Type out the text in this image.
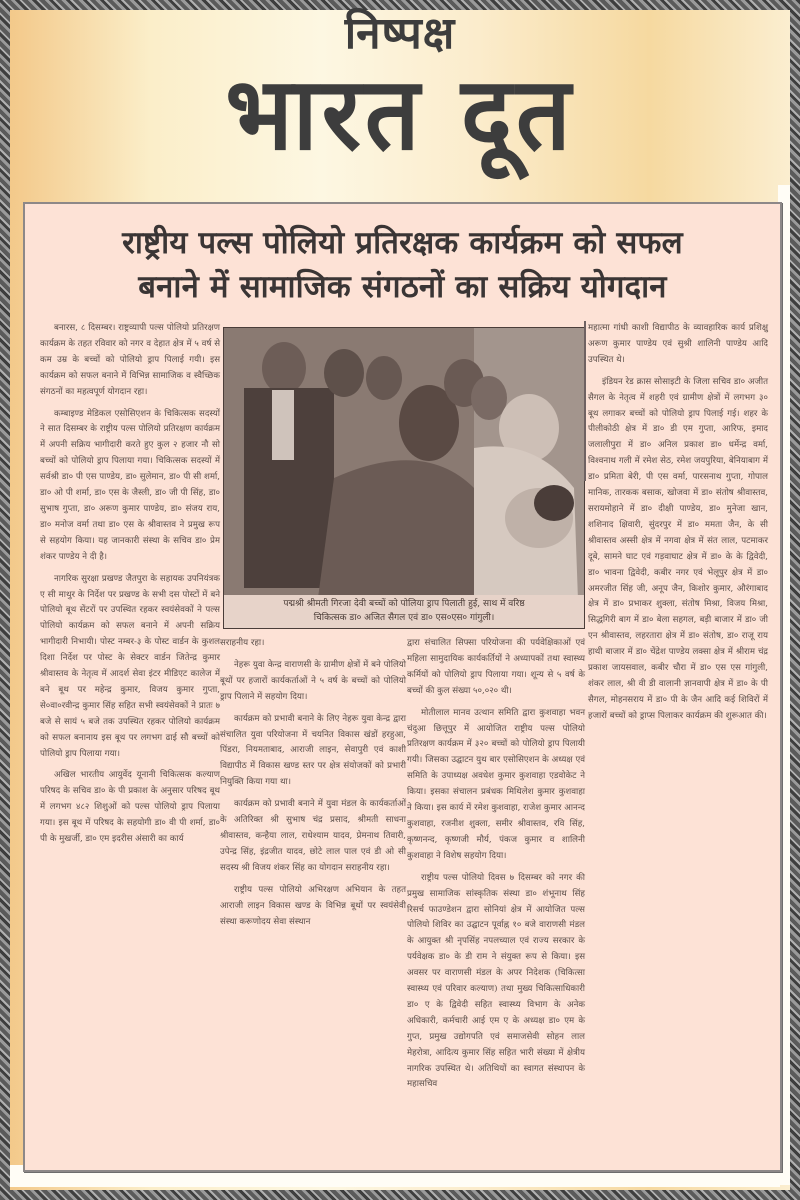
निष्पक्ष
भारत दूत
राष्ट्रीय पल्स पोलियो प्रतिरक्षक कार्यक्रम को सफल
बनाने में सामाजिक संगठनों का सक्रिय योगदान

बनारस, ८ दिसम्बर। राष्ट्रव्यापी पल्स पोलियो प्रतिरक्षण कार्यक्रम के तहत रविवार को नगर व देहात क्षेत्र में ५ वर्ष से कम उम्र के बच्चों को पोलियो ड्राप पिलाई गयी। इस कार्यक्रम को सफल बनाने में विभिन्न सामाजिक व स्वैच्छिक संगठनों का महत्वपूर्ण योगदान रहा।

कम्बाइण्ड मेडिकल एसोसिएशन के चिकित्सक सदस्यों ने सात दिसम्बर के राष्ट्रीय पल्स पोलियो प्रतिरक्षण कार्यक्रम में अपनी सक्रिय भागीदारी करते हुए कुल २ हजार नौ सो बच्चों को पोलियो ड्राप पिलाया गया। चिकित्सक सदस्यों में सर्वश्री डा० पी एस पाण्डेय, डा० सुलेमान, डा० पी सी शर्मा, डा० ओ पी शर्मा, डा० एस के जैस्ली, डा० जी पी सिंह, डा० सुभाष गुप्ता, डा० अरूण कुमार पाण्डेय, डा० संजय राय, डा० मनोज वर्मा तथा डा० एस के श्रीवास्तव ने प्रमुख रूप से सहयोग किया। यह जानकारी संस्था के सचिव डा० प्रेम शंकर पाण्डेय ने दी है।

नागरिक सुरक्षा प्रखण्ड जैतपुरा के सहायक उपनियंत्रक ए सी माथुर के निर्देश पर प्रखण्ड के सभी दस पोस्टों में बने पोलियो बूथ सेंटरों पर उपस्थित रहकर स्वयंसेवकों ने पल्स पोलियो कार्यक्रम को सफल बनाने में अपनी सक्रिय भागीदारी निभायी। पोस्ट नम्बर-३ के पोस्ट वार्डन के कुशल दिशा निर्देश पर पोस्ट के सेक्टर वार्डन जितेन्द्र कुमार श्रीवास्तव के नेतृत्व में आदर्श सेवा इंटर मीडिएट कालेज में बने बूथ पर महेन्द्र कुमार, विजय कुमार गुप्ता, से०वा०रवीन्द्र कुमार सिंह सहित सभी स्वयंसेवकों ने प्रातः ७ बजे से सायं ५ बजे तक उपस्थित रहकर पोलियो कार्यक्रम को सफल बनानाय इस बूथ पर लगभग ढाई सौ बच्चों को पोलियो ड्राप पिलाया गया।

अखिल भारतीय आयुर्वेद यूनानी चिकित्सक कल्याण परिषद के सचिव डा० के पी प्रकाश के अनुसार परिषद बूथ में लगभग ४८२ शिशुओं को पल्स पोलियो ड्राप पिलाया गया। इस बूथ में परिषद के सहयोगी डा० वी पी शर्मा, डा० पी के मुखर्जी, डा० एम इदरीस अंसारी का कार्य

पद्मश्री श्रीमती गिरजा देवी बच्चों को पोलिया ड्राप पिलाती हुई, साथ में वरिष्ठ
चिकित्सक डा० अजित सैगल एवं डा० एस०एस० गांगुली।

सराहनीय रहा।

नेहरू युवा केन्द्र वाराणसी के ग्रामीण क्षेत्रों में बने पोलियो बूथों पर हजारों कार्यकर्ताओं ने ५ वर्ष के बच्चों को पोलियो ड्राप पिलाने में सहयोग दिया।

कार्यक्रम को प्रभावी बनाने के लिए नेहरू युवा केन्द्र द्वारा संचालित युवा परियोजना में चयनित विकास खंडों हरहुआ, पिंडरा, नियमताबाद, आराजी लाइन, सेवापुरी एवं काशी विद्यापीठ में विकास खण्ड स्तर पर क्षेत्र संयोजकों को प्रभारी नियुक्ति किया गया था।

कार्यक्रम को प्रभावी बनाने में युवा मंडल के कार्यकर्ताओं के अतिरिक्त श्री सुभाष चंद्र प्रसाद, श्रीमती साधना श्रीवास्तव, कन्हैया लाल, राधेश्याम यादव, प्रेमनाथ तिवारी, उपेन्द्र सिंह, इंद्रजीत यादव, छोटे लाल पाल एवं डी ओ सी सदस्य श्री विजय शंकर सिंह का योगदान सराहनीय रहा।

राष्ट्रीय पल्स पोलियो अभिरक्षण अभियान के तहत आराजी लाइन विकास खण्ड के विभिन्न बूथों पर स्वयंसेवी संस्था करूणोदय सेवा संस्थान

द्वारा संचालित सिफ्सा परियोजना की पर्यवेक्षिकाओं एवं महिला सामुदायिक कार्यकर्तियों ने अध्यापकों तथा स्वास्थ्य कर्मियों को पोलियो ड्राप पिलाया गया। शून्य से ५ वर्ष के बच्चों की कुल संख्या ५०,०२० थी।

मोतीलाल मानव उत्थान समिति द्वारा कुशवाहा भवन चंदुआ छित्तूपुर में आयोजित राष्ट्रीय पल्स पोलियो प्रतिरक्षण कार्यक्रम में ३२० बच्चों को पोलियो ड्राप पिलायी गयी। जिसका उद्घाटन युथ बार एसोसिएशन के अध्यक्ष एवं समिति के उपाध्यक्ष अवधेश कुमार कुशवाहा एडवोकेट ने किया। इसका संचालन प्रबंधक मिथिलेश कुमार कुशवाहा ने किया। इस कार्य में रमेश कुशवाहा, राजेश कुमार आनन्द कुशवाहा, रजनीश शुक्ला, समीर श्रीवास्तव, रवि सिंह, कृष्णनन्द, कृष्णजी मौर्य, पंकज कुमार व शालिनी कुशवाहा ने विशेष सहयोग दिया।

राष्ट्रीय पल्स पोलियो दिवस ७ दिसम्बर को नगर की प्रमुख सामाजिक सांस्कृतिक संस्था डा० शंभूनाथ सिंह रिसर्च फाउण्डेशन द्वारा सोनियां क्षेत्र में आयोजित पल्स पोलियो शिविर का उद्घाटन पूर्वाह्न १० बजे वाराणसी मंडल के आयुक्त श्री नृपसिंह नपलच्याल एवं राज्य सरकार के पर्यवेक्षक डा० के डी राम ने संयुक्त रूप से किया। इस अवसर पर वाराणसी मंडल के अपर निदेशक (चिकित्सा स्वास्थ्य एवं परिवार कल्याण) तथा मुख्य चिकित्साधिकारी डा० ए के द्विवेदी सहित स्वास्थ्य विभाग के अनेक अधिकारी, कर्मचारी आई एम ए के अध्यक्ष डा० एम के गुप्त, प्रमुख उद्योगपति एवं समाजसेवी सोहन लाल मेहरोत्रा, आदित्य कुमार सिंह सहित भारी संख्या में क्षेत्रीय नागरिक उपस्थित थे। अतिथियों का स्वागत संस्थापन के महासचिव

महात्मा गांधी काशी विद्यापीठ के व्यावहारिक कार्य प्रशिक्षु अरूण कुमार पाण्डेय एवं सुश्री शालिनी पाण्डेय आदि उपस्थित थे।

इंडियन रेड क्रास सोसाइटी के जिला सचिव डा० अजीत सैगल के नेतृत्व में शहरी एवं ग्रामीण क्षेत्रों में लगभग ३० बूथ लगाकर बच्चों को पोलियो ड्राप पिलाई गई। शहर के पीलीकोठी क्षेत्र में डा० डी एम गुप्ता, आरिफ, इमाद जलालीपुरा में डा० अनिल प्रकाश डा० धर्मेन्द्र वर्मा, विश्वनाथ गली में रमेश सेठ, रमेश जयपुरिया, बेनियाबाग में डा० प्रमिता बेरी, पी एस वर्मा, पारसनाथ गुप्ता, गोपाल मानिक, तारकक बसाक, खोजवा में डा० संतोष श्रीवास्तव, सरायमोहाने में डा० दीक्षी पाण्डेय, डा० मुनेजा खान, शशिनाद क्षिवारी, सुंदरपुर में डा० ममता जैन, के सी श्रीवास्तव अस्सी क्षेत्र में नगवा क्षेत्र में संत लाल, पटमाकर दूबे, सामने घाट एवं गड़वाघाट क्षेत्र में डा० के के द्विवेदी, डा० भावना द्विवेदी, कबीर नगर एवं भेलूपुर क्षेत्र में डा० अमरजीत सिंह जी, अनूप जैन, किशोर कुमार, औरंगाबाद क्षेत्र में डा० प्रभाकर शुक्ला, संतोष मिश्रा, विजय मिश्रा, सिद्धगिरी बाग में डा० बेला सहगल, बड़ी बाजार में डा० जी एन श्रीवास्तव, लहरतारा क्षेत्र में डा० संतोष, डा० राजू राय हाथी बाजार में डा० चेंद्रेश पाण्डेय लक्सा क्षेत्र में श्रीराम चंद्र प्रकाश जायसवाल, कबीर चौरा में डा० एस एस गांगुली, शंकर लाल, श्री वी डी वालानी ज्ञानवापी क्षेत्र में डा० के पी सैगल, मोहनसराय में डा० पी के जैन आदि कई शिविरों में हजारों बच्चों को ड्राप्स पिलाकर कार्यक्रम की शुरूआत की।
